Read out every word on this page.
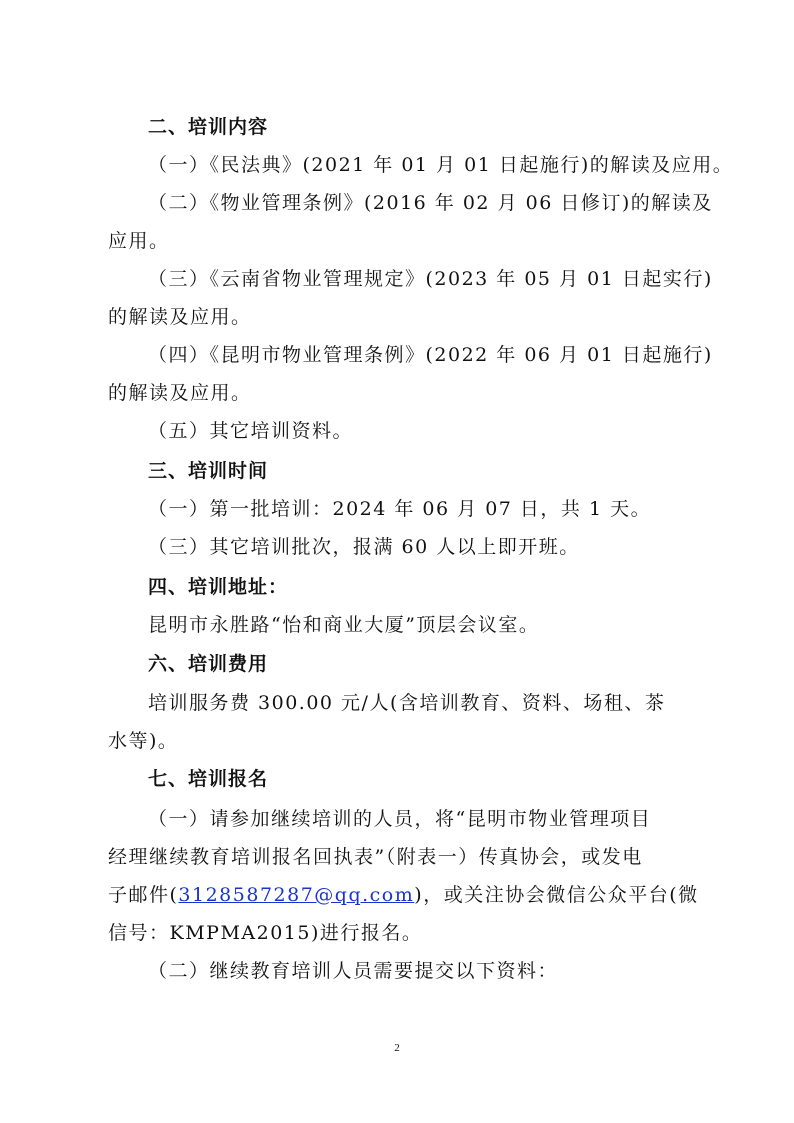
二、培训内容
（一）《民法典》(2021 年 01 月 01 日起施行)的解读及应用。
（二）《物业管理条例》(2016 年 02 月 06 日修订)的解读及
应用。
（三）《云南省物业管理规定》(2023 年 05 月 01 日起实行)
的解读及应用。
（四）《昆明市物业管理条例》(2022 年 06 月 01 日起施行)
的解读及应用。
（五）其它培训资料。
三、培训时间
（一）第一批培训：2024 年 06 月 07 日，共 1 天。
（三）其它培训批次，报满 60 人以上即开班。
四、培训地址：
昆明市永胜路“怡和商业大厦”顶层会议室。
六、培训费用
培训服务费 300.00 元/人(含培训教育、资料、场租、茶
水等)。
七、培训报名
（一）请参加继续培训的人员，将“昆明市物业管理项目
经理继续教育培训报名回执表”（附表一）传真协会，或发电
子邮件(3128587287@qq.com)，或关注协会微信公众平台(微
信号：KMPMA2015)进行报名。
（二）继续教育培训人员需要提交以下资料：
2
